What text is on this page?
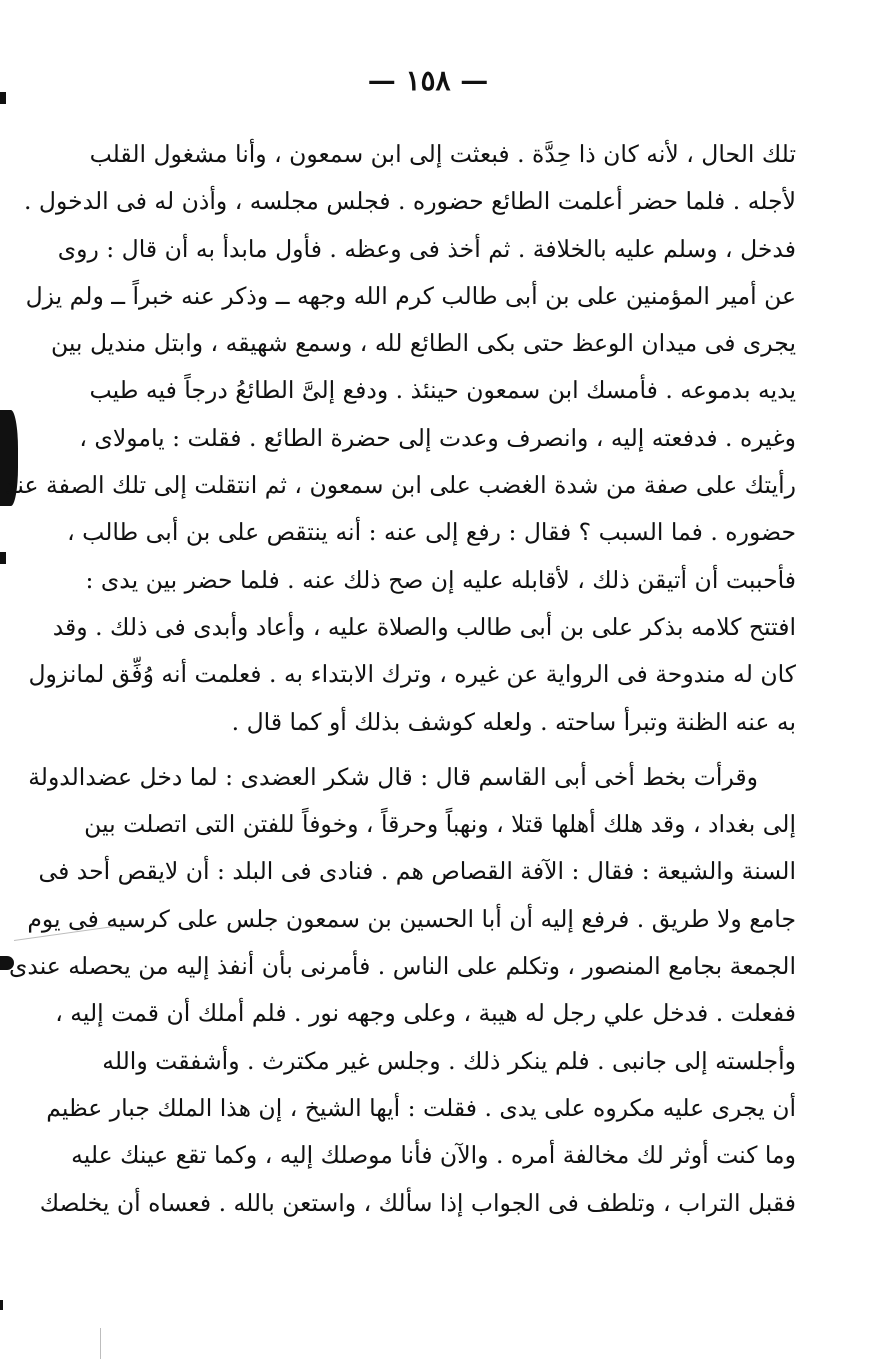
— ١٥٨ —
تلك الحال ، لأنه كان ذا حِدَّة . فبعثت إلى ابن سمعون ، وأنا مشغول القلب
لأجله . فلما حضر أعلمت الطائع حضوره . فجلس مجلسه ، وأذن له فى الدخول .
فدخل ، وسلم عليه بالخلافة . ثم أخذ فى وعظه . فأول مابدأ به أن قال : روى
عن أمير المؤمنين على بن أبى طالب كرم الله وجهه ــ وذكر عنه خبراً ــ ولم يزل
يجرى فى ميدان الوعظ حتى بكى الطائع لله ، وسمع شهيقه ، وابتل منديل بين
يديه بدموعه . فأمسك ابن سمعون حينئذ . ودفع إلىَّ الطائعُ درجاً فيه طيب
وغيره . فدفعته إليه ، وانصرف وعدت إلى حضرة الطائع . فقلت : يامولاى ،
رأيتك على صفة من شدة الغضب على ابن سمعون ، ثم انتقلت إلى تلك الصفة عند
حضوره . فما السبب ؟ فقال : رفع إلى عنه : أنه ينتقص على بن أبى طالب ،
فأحببت أن أتيقن ذلك ، لأقابله عليه إن صح ذلك عنه . فلما حضر بين يدى :
افتتح كلامه بذكر على بن أبى طالب والصلاة عليه ، وأعاد وأبدى فى ذلك . وقد
كان له مندوحة فى الرواية عن غيره ، وترك الابتداء به . فعلمت أنه وُفِّق لمانزول
به عنه الظنة وتبرأ ساحته . ولعله كوشف بذلك أو كما قال .
وقرأت بخط أخى أبى القاسم قال : قال شكر العضدى : لما دخل عضدالدولة
إلى بغداد ، وقد هلك أهلها قتلا ، ونهباً وحرقاً ، وخوفاً للفتن التى اتصلت بين
السنة والشيعة : فقال : الآفة القصاص هم . فنادى فى البلد : أن لايقص أحد فى
جامع ولا طريق . فرفع إليه أن أبا الحسين بن سمعون جلس على كرسيه فى يوم
الجمعة بجامع المنصور ، وتكلم على الناس . فأمرنى بأن أنفذ إليه من يحصله عندى
ففعلت . فدخل علي رجل له هيبة ، وعلى وجهه نور . فلم أملك أن قمت إليه ،
وأجلسته إلى جانبى . فلم ينكر ذلك . وجلس غير مكترث . وأشفقت والله
أن يجرى عليه مكروه على يدى . فقلت : أيها الشيخ ، إن هذا الملك جبار عظيم
وما كنت أوثر لك مخالفة أمره . والآن فأنا موصلك إليه ، وكما تقع عينك عليه
فقبل التراب ، وتلطف فى الجواب إذا سألك ، واستعن بالله . فعساه أن يخلصك
